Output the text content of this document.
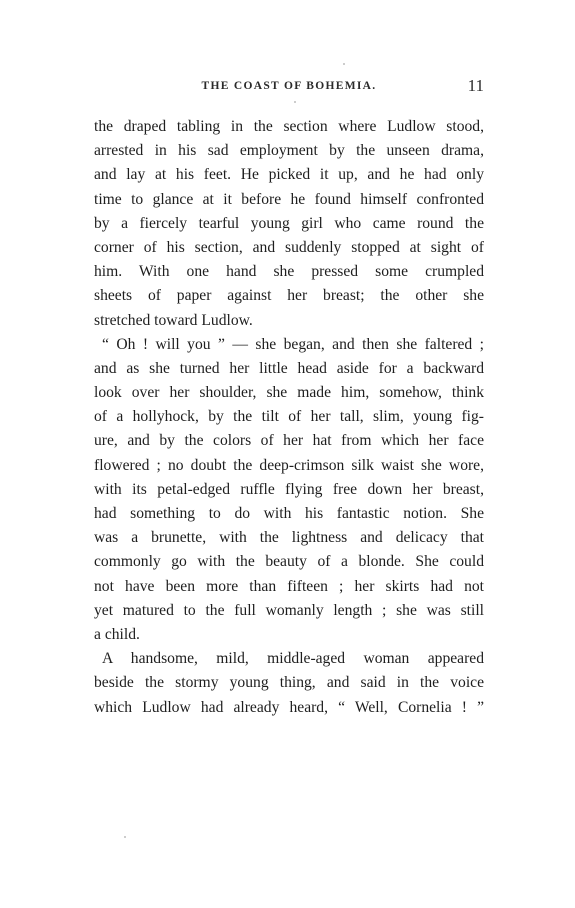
THE COAST OF BOHEMIA.	11
the draped tabling in the section where Ludlow stood,
arrested in his sad employment by the unseen drama,
and lay at his feet. He picked it up, and he had only
time to glance at it before he found himself confronted
by a fiercely tearful young girl who came round the
corner of his section, and suddenly stopped at sight of
him. With one hand she pressed some crumpled
sheets of paper against her breast; the other she
stretched toward Ludlow.
“ Oh ! will you ” — she began, and then she faltered ;
and as she turned her little head aside for a backward
look over her shoulder, she made him, somehow, think
of a hollyhock, by the tilt of her tall, slim, young fig-
ure, and by the colors of her hat from which her face
flowered ; no doubt the deep-crimson silk waist she wore,
with its petal-edged ruffle flying free down her breast,
had something to do with his fantastic notion. She
was a brunette, with the lightness and delicacy that
commonly go with the beauty of a blonde. She could
not have been more than fifteen ; her skirts had not
yet matured to the full womanly length ; she was still
a child.
A handsome, mild, middle-aged woman appeared
beside the stormy young thing, and said in the voice
which Ludlow had already heard, “ Well, Cornelia ! ”
